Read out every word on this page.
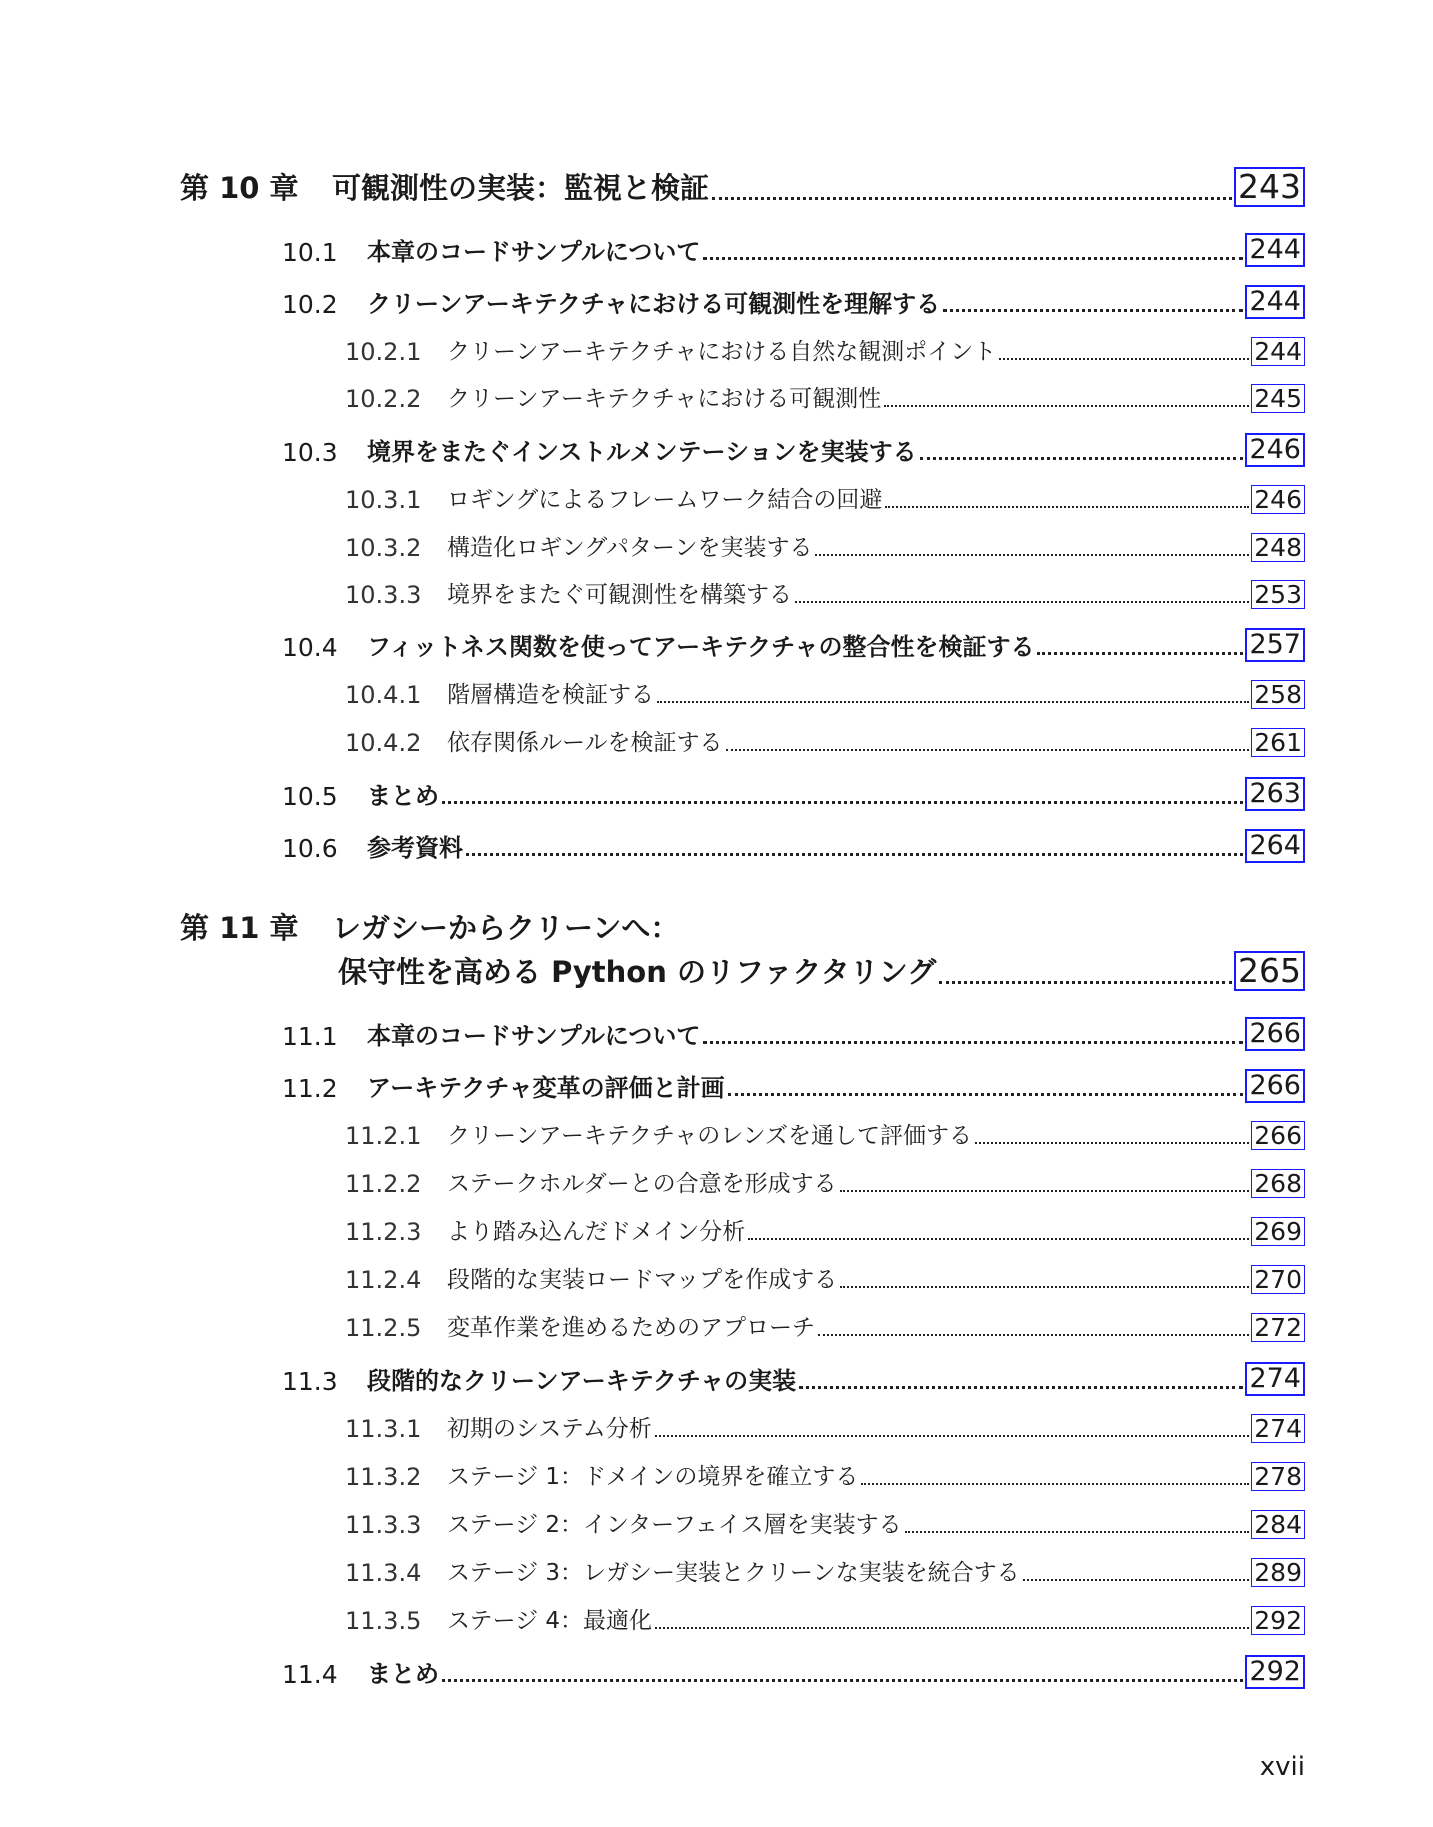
第 10 章	可観測性の実装：監視と検証	243
10.1	本章のコードサンプルについて	244
10.2	クリーンアーキテクチャにおける可観測性を理解する	244
10.2.1	クリーンアーキテクチャにおける自然な観測ポイント	244
10.2.2	クリーンアーキテクチャにおける可観測性	245
10.3	境界をまたぐインストルメンテーションを実装する	246
10.3.1	ロギングによるフレームワーク結合の回避	246
10.3.2	構造化ロギングパターンを実装する	248
10.3.3	境界をまたぐ可観測性を構築する	253
10.4	フィットネス関数を使ってアーキテクチャの整合性を検証する	257
10.4.1	階層構造を検証する	258
10.4.2	依存関係ルールを検証する	261
10.5	まとめ	263
10.6	参考資料	264
第 11 章	レガシーからクリーンへ：
保守性を高める Python のリファクタリング	265
11.1	本章のコードサンプルについて	266
11.2	アーキテクチャ変革の評価と計画	266
11.2.1	クリーンアーキテクチャのレンズを通して評価する	266
11.2.2	ステークホルダーとの合意を形成する	268
11.2.3	より踏み込んだドメイン分析	269
11.2.4	段階的な実装ロードマップを作成する	270
11.2.5	変革作業を進めるためのアプローチ	272
11.3	段階的なクリーンアーキテクチャの実装	274
11.3.1	初期のシステム分析	274
11.3.2	ステージ 1：ドメインの境界を確立する	278
11.3.3	ステージ 2：インターフェイス層を実装する	284
11.3.4	ステージ 3：レガシー実装とクリーンな実装を統合する	289
11.3.5	ステージ 4：最適化	292
11.4	まとめ	292
xvii
